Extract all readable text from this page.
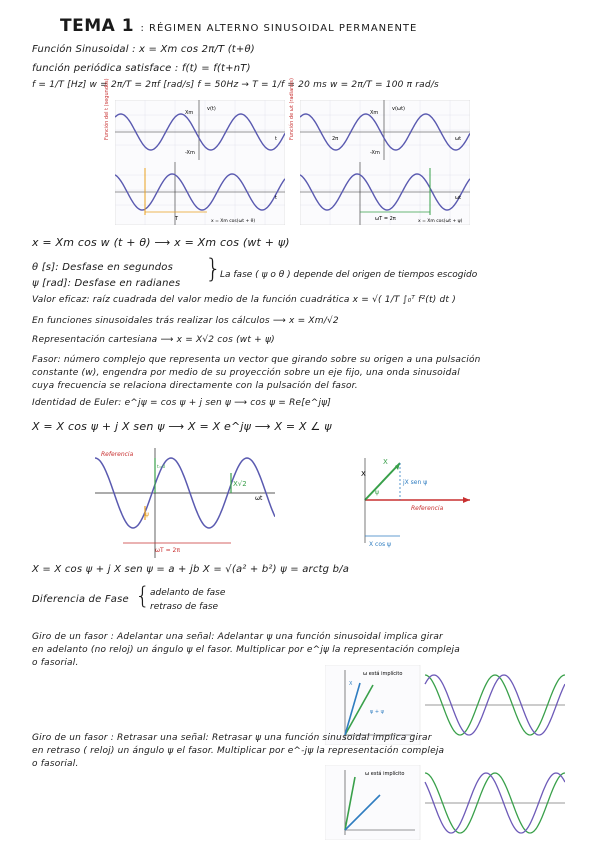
TEMA 1 : RÉGIMEN ALTERNO SINUSOIDAL PERMANENTE
Función Sinusoidal : x = Xm cos 2π/T (t+θ)
función periódica satisface : f(t) = f(t+nT)
f = 1/T [Hz] w = 2π/T = 2πf [rad/s] f = 50Hz → T = 1/f = 20 ms w = 2π/T = 100 π rad/s
v(t)
Xm
-Xm
t
t
T	x = Xm cos(ωt + θ)
Función del t (segundos)	v(ωt)
Xm
-Xm
ωt
ωt
2π
ωT = 2π	x = Xm cos(ωt + ψ)
Función de ωt (radianes)
x = Xm cos w (t + θ) ⟶ x = Xm cos (wt + ψ)
θ [s]: Desfase en segundos
ψ [rad]: Desfase en radianes }
La fase ( ψ o θ ) depende del origen de tiempos escogido
Valor eficaz: raíz cuadrada del valor medio de la función cuadrática x = √( 1/T ∫₀ᵀ f²(t) dt )
En funciones sinusoidales trás realizar los cálculos ⟶ x = Xm/√2
Representación cartesiana ⟶ x = X√2 cos (wt + ψ)
Fasor: número complejo que representa un vector que girando sobre su origen a una pulsación
constante (w), engendra por medio de su proyección sobre un eje fijo, una onda sinusoidal
cuya frecuencia se relaciona directamente con la pulsación del fasor.
Identidad de Euler: e^jψ = cos ψ + j sen ψ ⟶ cos ψ = Re[e^jψ]
X = X cos ψ + j X sen ψ ⟶ X = X e^jψ ⟶ X = X ∠ ψ
Referencia
X√2
ωt
ψ
t=0
ωT = 2π
X
X
ψ
jX sen ψ
X cos ψ
Referencia
X = X cos ψ + j X sen ψ = a + jb X = √(a² + b²) ψ = arctg b/a
Diferencia de Fase { adelanto de fase
retraso de fase
Giro de un fasor : Adelantar una señal: Adelantar ψ una función sinusoidal implica girar
en adelanto (no reloj) un ángulo ψ el fasor. Multiplicar por e^jψ la representación compleja
o fasorial.
ω está implícito
ψ + ψ
X
Giro de un fasor : Retrasar una señal: Retrasar ψ una función sinusoidal implica girar
en retraso ( reloj) un ángulo ψ el fasor. Multiplicar por e^-jψ la representación compleja
o fasorial.
ω está implícito
